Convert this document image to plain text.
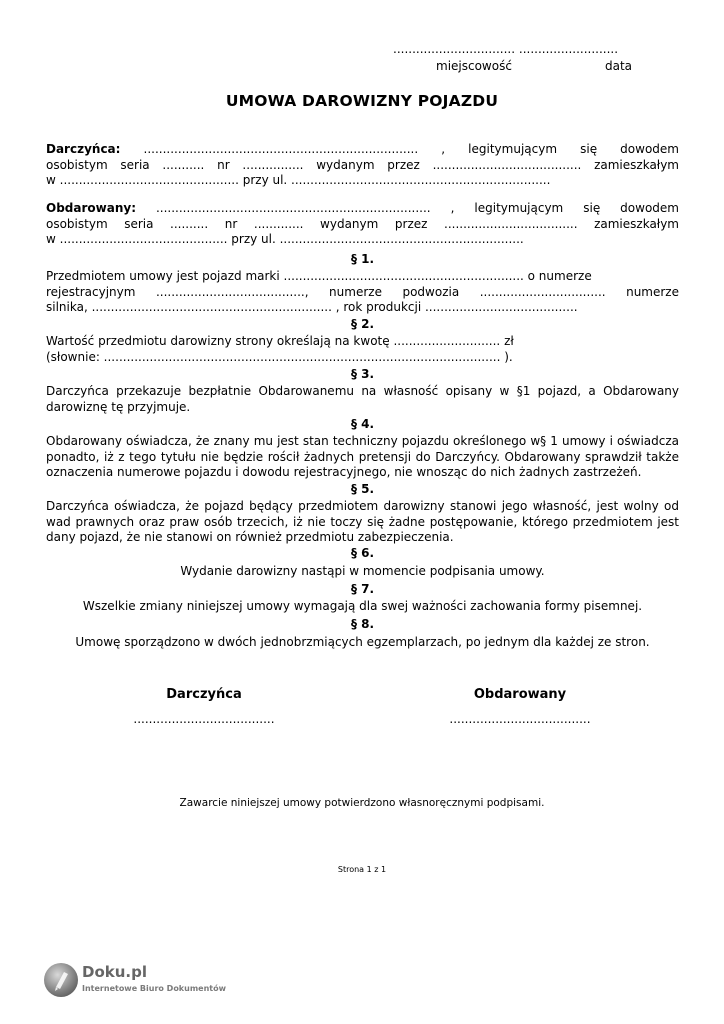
................................ ..........................
miejscowość	data
UMOWA DAROWIZNY POJAZDU
Darczyńca: ........................................................................ , legitymującym się dowodem
osobistym seria ........... nr ................ wydanym przez ....................................... zamieszkałym
w ............................................... przy ul. ....................................................................
Obdarowany: ........................................................................ , legitymującym się dowodem
osobistym seria .......... nr ............. wydanym przez ................................... zamieszkałym
w ............................................ przy ul. ................................................................
§ 1.
Przedmiotem umowy jest pojazd marki ............................................................... o numerze
rejestracyjnym ......................................., numerze podwozia ................................. numerze
silnika, ............................................................... , rok produkcji ........................................
§ 2.
Wartość przedmiotu darowizny strony określają na kwotę ............................ zł
(słownie: ........................................................................................................ ).
§ 3.
Darczyńca przekazuje bezpłatnie Obdarowanemu na własność opisany w §1 pojazd, a Obdarowany
darowiznę tę przyjmuje.
§ 4.
Obdarowany oświadcza, że znany mu jest stan techniczny pojazdu określonego w§ 1 umowy i oświadcza
ponadto, iż z tego tytułu nie będzie rościł żadnych pretensji do Darczyńcy. Obdarowany sprawdził także
oznaczenia numerowe pojazdu i dowodu rejestracyjnego, nie wnosząc do nich żadnych zastrzeżeń.
§ 5.
Darczyńca oświadcza, że pojazd będący przedmiotem darowizny stanowi jego własność, jest wolny od
wad prawnych oraz praw osób trzecich, iż nie toczy się żadne postępowanie, którego przedmiotem jest
dany pojazd, że nie stanowi on również przedmiotu zabezpieczenia.
§ 6.
Wydanie darowizny nastąpi w momencie podpisania umowy.
§ 7.
Wszelkie zmiany niniejszej umowy wymagają dla swej ważności zachowania formy pisemnej.
§ 8.
Umowę sporządzono w dwóch jednobrzmiących egzemplarzach, po jednym dla każdej ze stron.
Darczyńca
.....................................
Obdarowany
.....................................
Zawarcie niniejszej umowy potwierdzono własnoręcznymi podpisami.
Strona 1 z 1
Doku.pl
Internetowe Biuro Dokumentów
